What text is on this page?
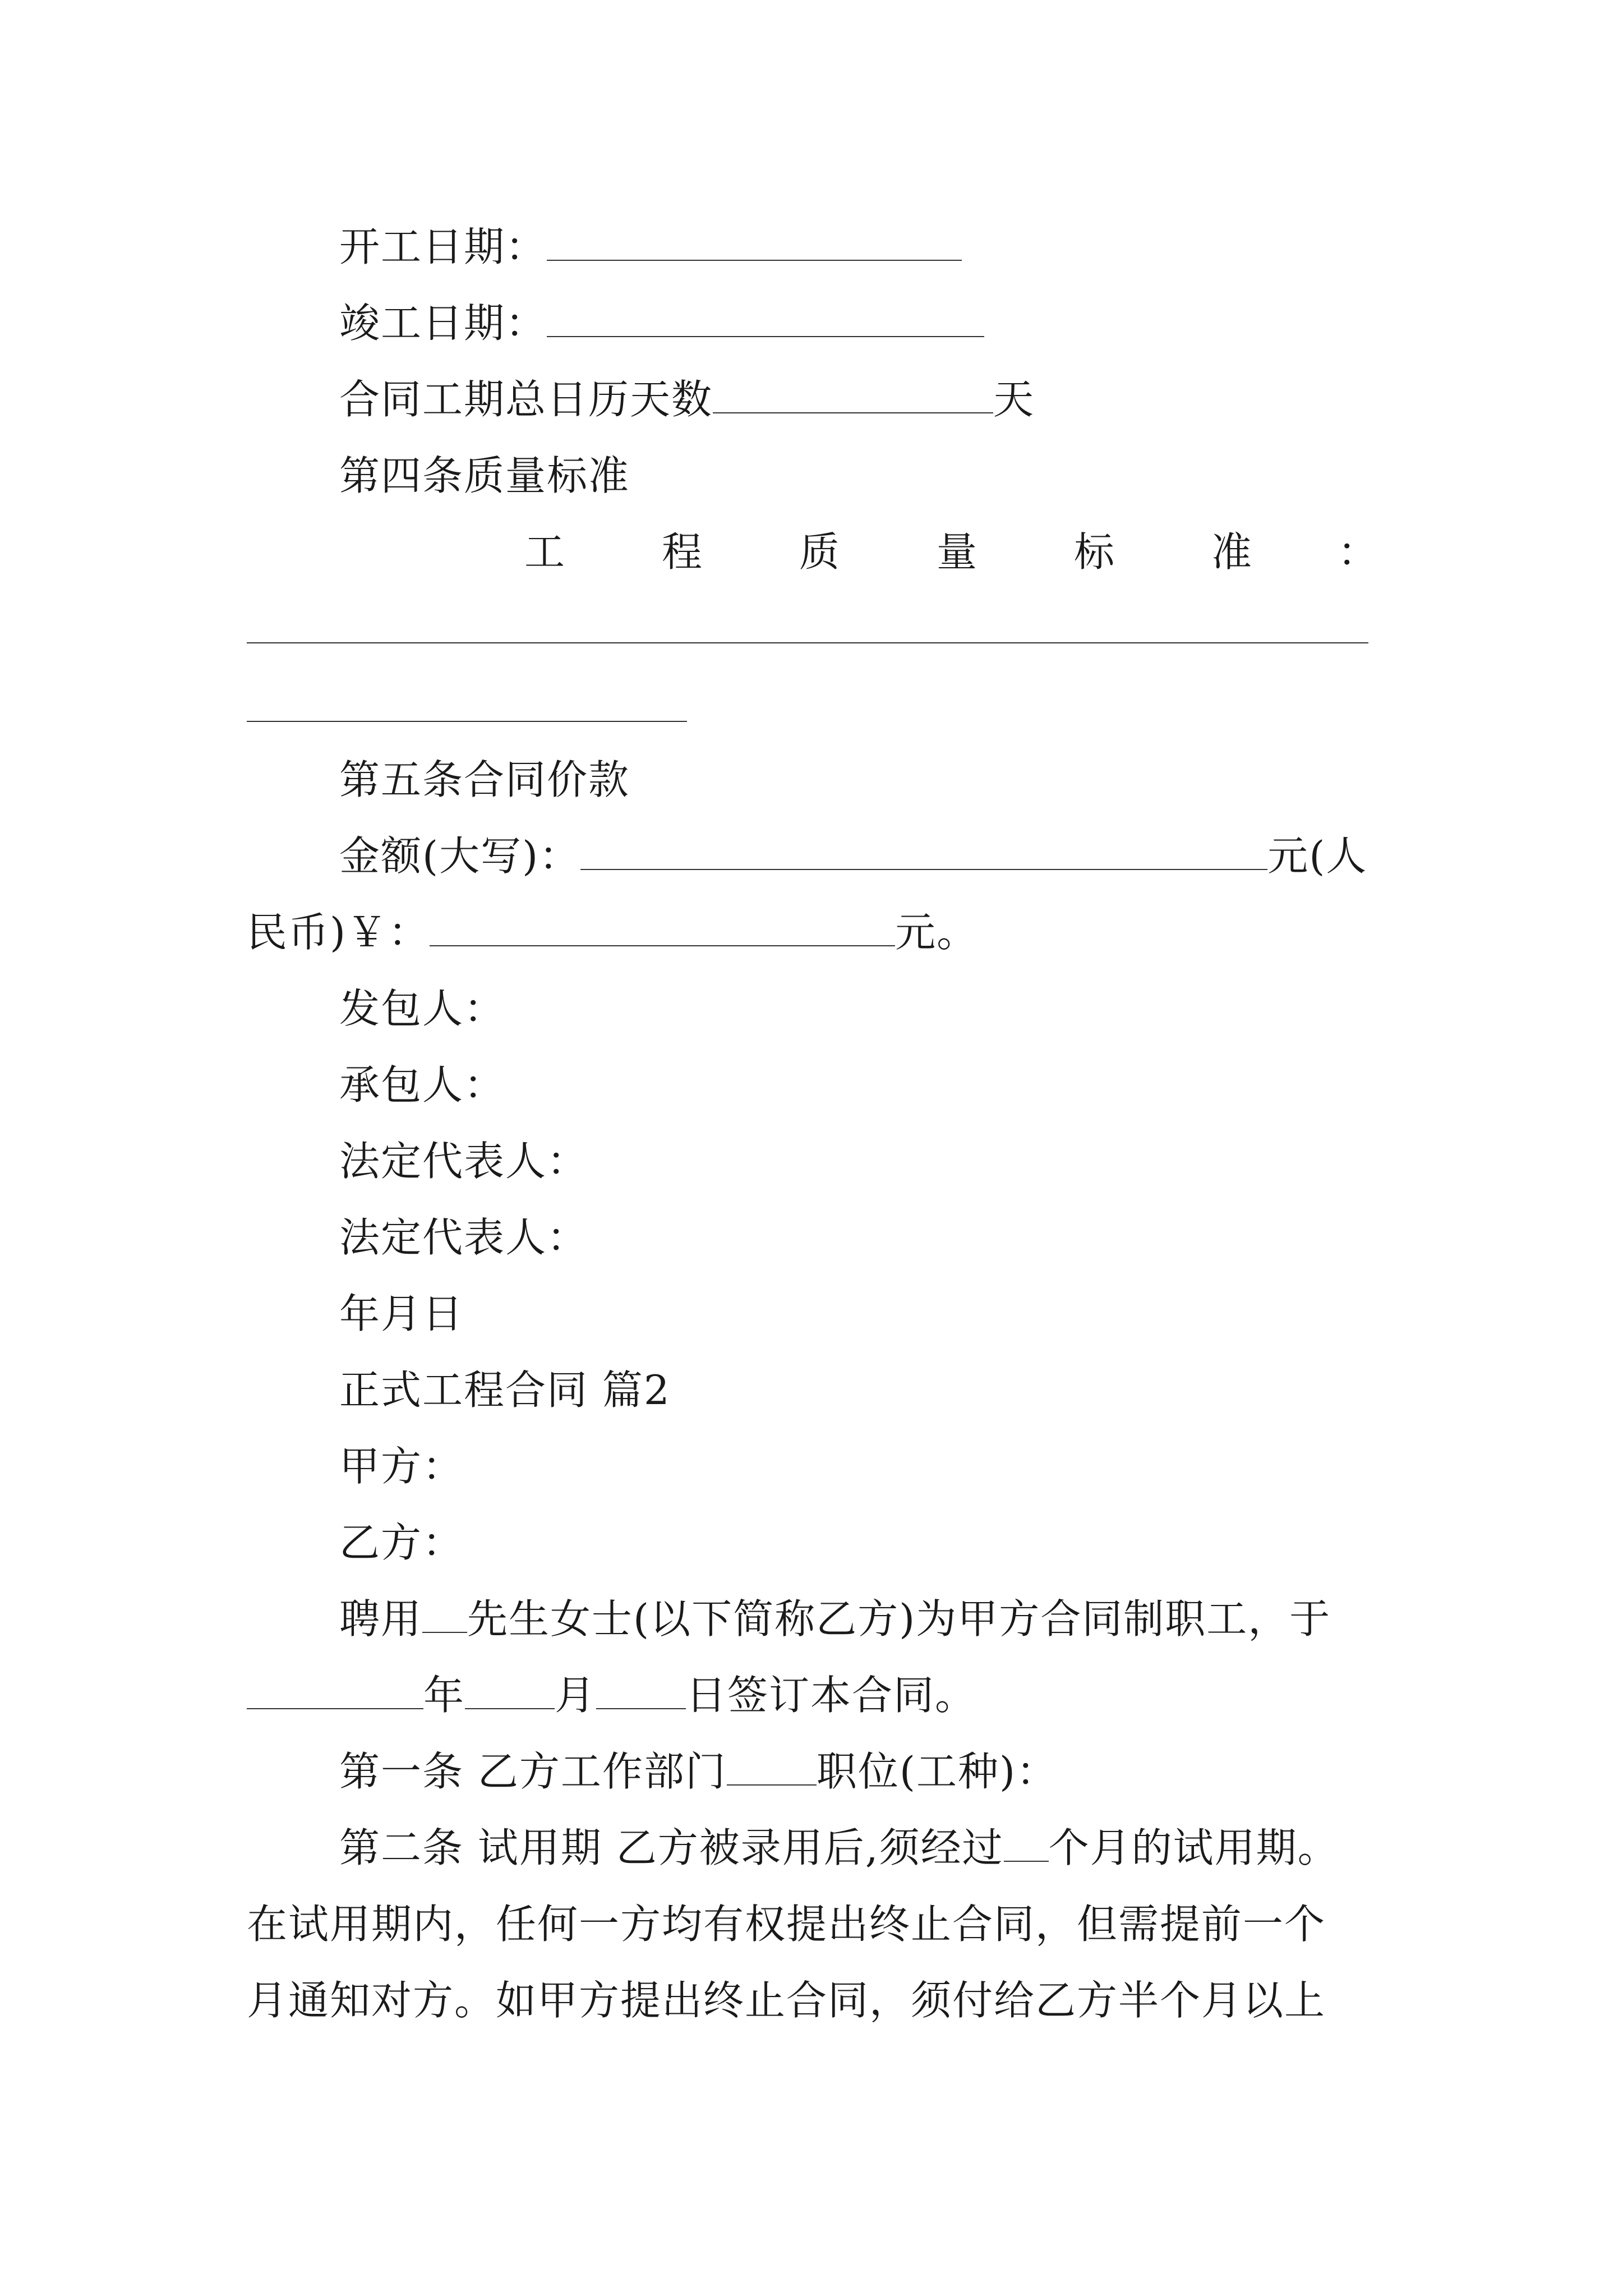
开工日期：
竣工日期：
合同工期总日历天数	天
第四条质量标准
工 程 质 量 标 准 ：
第五条合同价款
金额(大写)：	元(人
民币)￥：	元。
发包人：
承包人：
法定代表人：
法定代表人：
年月日
正式工程合同 篇2
甲方：
乙方：
聘用 先生女士(以下简称乙方)为甲方合同制职工，于
年 月 日签订本合同。
第一条 乙方工作部门 职位(工种)：
第二条 试用期 乙方被录用后,须经过 个月的试用期。
在试用期内，任何一方均有权提出终止合同，但需提前一个
月通知对方。如甲方提出终止合同，须付给乙方半个月以上
